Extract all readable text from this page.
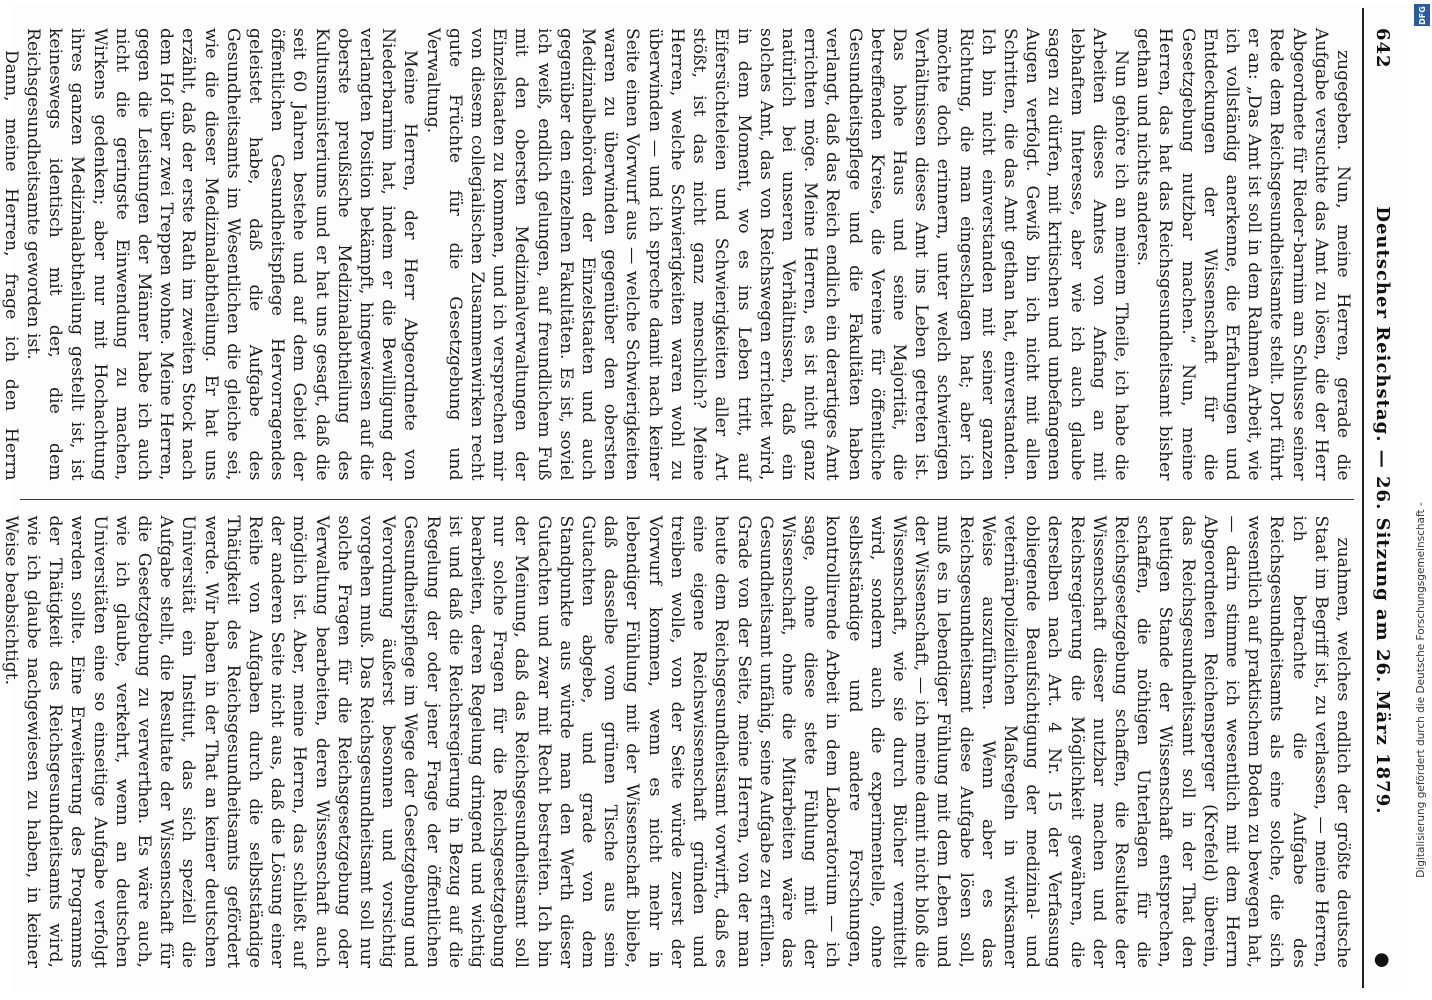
642
Deutscher Reichstag. — 26. Sitzung am 26. März 1879.
●

zugegeben. Nun, meine Herren, gerade die Aufgabe versuchte das Amt zu lösen, die der Herr Abgeordnete für Rieder-barnim am Schlusse seiner Rede dem Reichsgesundheitsamte stellt. Dort führt er an: „Das Amt ist soll in dem Rahmen Arbeit, wie ich vollständig anerkenne, die Erfahrungen und Entdeckungen der Wissenschaft für die Gesetzgebung nutzbar machen.“ Nun, meine Herren, das hat das Reichsgesundheitsamt bisher gethan und nichts anderes.

Nun gehöre ich an meinem Theile, ich habe die Arbeiten dieses Amtes von Anfang an mit lebhaftem Interesse, aber wie ich auch glaube sagen zu dürfen, mit kritischen und unbefangenen Augen verfolgt. Gewiß bin ich nicht mit allen Schritten, die das Amt gethan hat, einverstanden. Ich bin nicht einverstanden mit seiner ganzen Richtung, die man eingeschlagen hat; aber ich möchte doch erinnern, unter welch schwierigen Verhältnissen dieses Amt ins Leben getreten ist. Das hohe Haus und seine Majorität, die betreffenden Kreise, die Vereine für öffentliche Gesundheitspflege und die Fakultäten haben verlangt, daß das Reich endlich ein derartiges Amt errichten möge. Meine Herren, es ist nicht ganz natürlich bei unseren Verhältnissen, daß ein solches Amt, das von Reichswegen errichtet wird, in dem Moment, wo es ins Leben tritt, auf Eifersüchteleien und Schwierigkeiten aller Art stößt, ist das nicht ganz menschlich? Meine Herren, welche Schwierigkeiten waren wohl zu überwinden — und ich spreche damit nach keiner Seite einen Vorwurf aus — welche Schwierigkeiten waren zu überwinden gegenüber den obersten Medizinalbehörden der Einzelstaaten und auch gegenüber den einzelnen Fakultäten. Es ist, soviel ich weiß, endlich gelungen, auf freundlichem Fuß mit den obersten Medizinalverwaltungen der Einzelstaaten zu kommen, und ich versprechen mir von diesem collegialischen Zusammenwirken recht gute Früchte für die Gesetzgebung und Verwaltung.

Meine Herren, der Herr Abgeordnete von Niederbarnim hat, indem er die Bewilligung der verlangten Position bekämpft, hingewiesen auf die oberste preußische Medizinalabtheilung des Kultusministeriums und er hat uns gesagt, daß die seit 60 Jahren bestehe und auf dem Gebiet der öffentlichen Gesundheitspflege Hervorragendes geleistet habe, daß die Aufgabe des Gesundheitsamts im Wesentlichen die gleiche sei, wie die dieser Medizinalabtheilung. Er hat uns erzählt, daß der erste Rath im zweiten Stock nach dem Hof über zwei Treppen wohne. Meine Herren, gegen die Leistungen der Männer habe ich auch nicht die geringste Einwendung zu machen, Wirkens gedenken; aber nur mit Hochachtung ihres ganzen Medizinalabtheilung gestellt ist, ist keineswegs identisch mit der, die dem Reichsgesundheitsamte geworden ist.

Dann, meine Herren, frage ich den Herrn

zuahmen, welches endlich der größte deutsche Staat im Begriff ist, zu verlassen, — meine Herren, ich betrachte die Aufgabe des Reichsgesundheitsamts als eine solche, die sich wesentlich auf praktischem Boden zu bewegen hat, — darin stimme ich wesentlich mit dem Herrn Abgeordneten Reichensperger (Krefeld) überein, das Reichsgesundheitsamt soll in der That den heutigen Stande der Wissenschaft entsprechen, schaffen, die nöthigen Unterlagen für die Reichsgesetzgebung schaffen, die Resultate der Wissenschaft dieser nutzbar machen und der Reichsregierung die Möglichkeit gewähren, die derselben nach Art. 4 Nr. 15 der Verfassung obliegende Beaufsichtigung der medizinal- und veterinärpolizeilichen Maßregeln in wirksamer Weise auszuführen. Wenn aber es das Reichsgesundheitsamt diese Aufgabe lösen soll, muß es in lebendiger Fühlung mit dem Leben und der Wissenschaft, — ich meine damit nicht bloß die Wissenschaft, wie sie durch Bücher vermittelt wird, sondern auch die experimentelle, ohne selbstständige und andere Forschungen, kontrollirende Arbeit in dem Laboratorium — ich sage, ohne diese stete Fühlung mit der Wissenschaft, ohne die Mitarbeiten wäre das Gesundheitsamt unfähig, seine Aufgabe zu erfüllen. Grade von der Seite, meine Herren, von der man heute dem Reichsgesundheitsamt vorwirft, daß es eine eigene Reichswissenschaft gründen und treiben wolle, von der Seite würde zuerst der Vorwurf kommen, wenn es nicht mehr in lebendiger Fühlung mit der Wissenschaft bliebe, daß dasselbe vom grünen Tische aus sein Gutachten abgebe, und grade von dem Standpunkte aus würde man den Werth dieser Gutachten und zwar mit Recht bestreiten. Ich bin der Meinung, daß das Reichsgesundheitsamt soll nur solche Fragen für die Reichsgesetzgebung bearbeiten, deren Regelung dringend und wichtig ist und daß die Reichsregierung in Bezug auf die Regelung der oder jener Frage der öffentlichen Gesundheitspflege im Wege der Gesetzgebung und Verordnung äußerst besonnen und vorsichtig vorgehen muß. Das Reichsgesundheitsamt soll nur solche Fragen für die Reichsgesetzgebung oder Verwaltung bearbeiten, deren Wissenschaft auch möglich ist. Aber, meine Herren, das schließt auf der anderen Seite nicht aus, daß die Lösung einer Reihe von Aufgaben durch die selbstständige Thätigkeit des Reichsgesundheitsamts gefördert werde. Wir haben in der That an keiner deutschen Universität ein Institut, das sich speziell die Aufgabe stellt, die Resultate der Wissenschaft für die Gesetzgebung zu verwerthen. Es wäre auch, wie ich glaube, verkehrt, wenn an deutschen Universitäten eine so einseitige Aufgabe verfolgt werden sollte. Eine Erweiterung des Programms der Thätigkeit des Reichsgesundheitsamts wird, wie ich glaube nachgewiesen zu haben, in keiner Weise beabsichtigt.	Digitalisierung gefördert durch die Deutsche Forschungsgemeinschaft -
DFG
